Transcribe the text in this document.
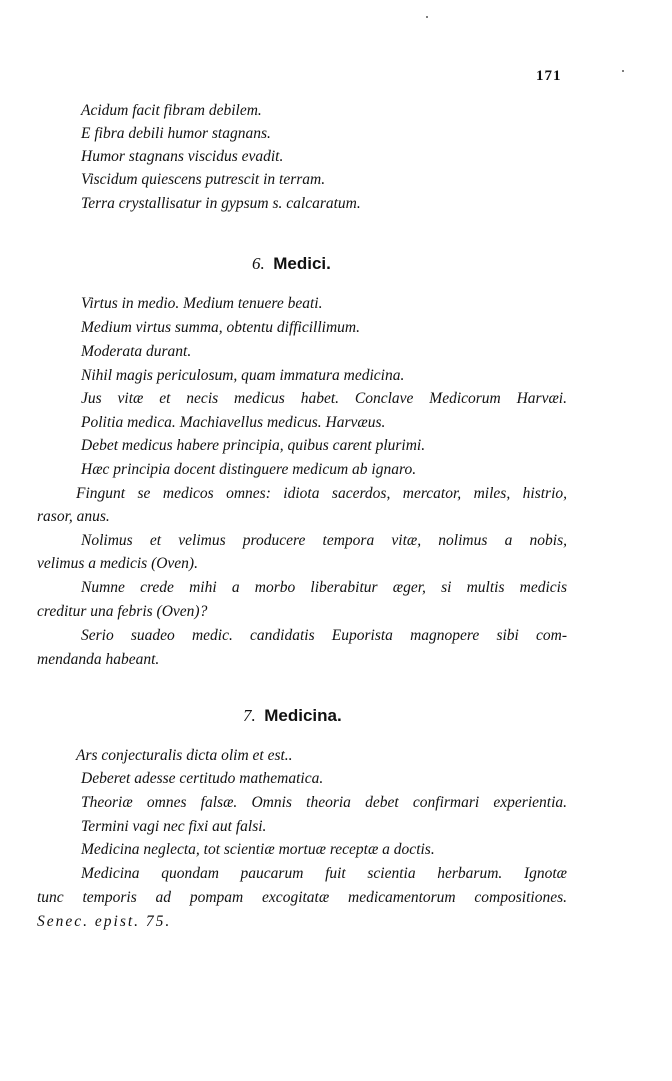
171
Acidum facit fibram debilem.
E fibra debili humor stagnans.
Humor stagnans viscidus evadit.
Viscidum quiescens putrescit in terram.
Terra crystallisatur in gypsum s. calcaratum.
6. Medici.
Virtus in medio. Medium tenuere beati.
Medium virtus summa, obtentu difficillimum.
Moderata durant.
Nihil magis periculosum, quam immatura medicina.
Jus vitæ et necis medicus habet. Conclave Medicorum Harvæi.
Politia medica. Machiavellus medicus. Harvæus.
Debet medicus habere principia, quibus carent plurimi.
Hæc principia docent distinguere medicum ab ignaro.
Fingunt se medicos omnes: idiota sacerdos, mercator, miles, histrio,
rasor, anus.
Nolimus et velimus producere tempora vitæ, nolimus a nobis,
velimus a medicis (Oven).
Numne crede mihi a morbo liberabitur æger, si multis medicis
creditur una febris (Oven)?
Serio suadeo medic. candidatis Euporista magnopere sibi com-
mendanda habeant.
7. Medicina.
Ars conjecturalis dicta olim et est..
Deberet adesse certitudo mathematica.
Theoriæ omnes falsæ. Omnis theoria debet confirmari experientia.
Termini vagi nec fixi aut falsi.
Medicina neglecta, tot scientiæ mortuæ receptæ a doctis.
Medicina quondam paucarum fuit scientia herbarum. Ignotæ
tunc temporis ad pompam excogitatæ medicamentorum compositiones.
Senec. epist. 75.
